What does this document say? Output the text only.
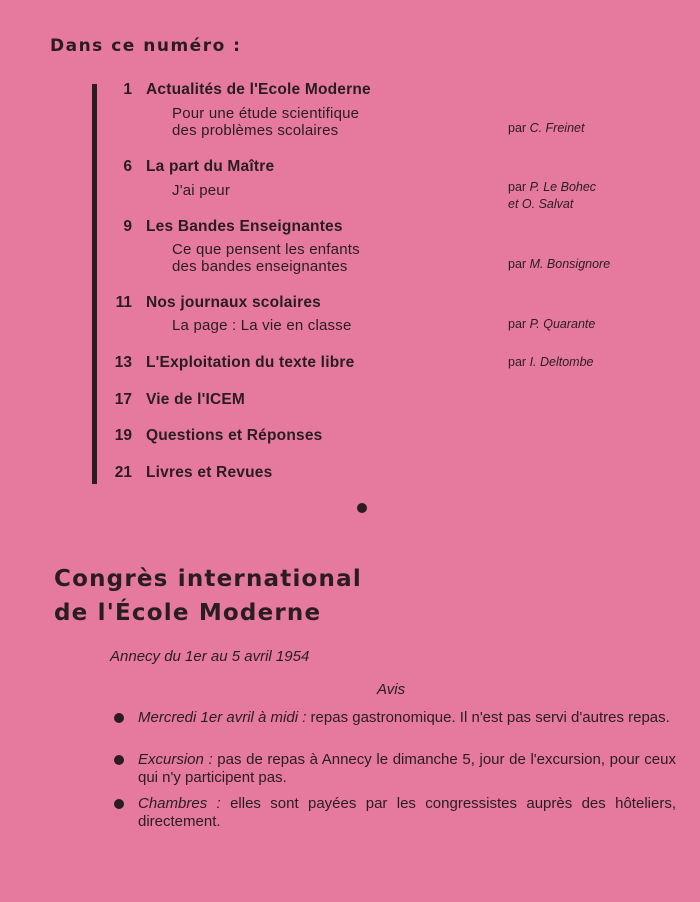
Dans ce numéro :
1 Actualités de l'Ecole Moderne
Pour une étude scientifique
des problèmes scolaires	par C. Freinet
6 La part du Maître
J'ai peur	par P. Le Bohec
et O. Salvat
9 Les Bandes Enseignantes
Ce que pensent les enfants
des bandes enseignantes	par M. Bonsignore
11 Nos journaux scolaires
La page : La vie en classe	par P. Quarante
13 L'Exploitation du texte libre	par I. Deltombe
17 Vie de l'ICEM
19 Questions et Réponses
21 Livres et Revues
Congrès international
de l'École Moderne
Annecy du 1er au 5 avril 1954
Avis
Mercredi 1er avril à midi : repas gastronomique. Il n'est pas servi d'autres repas.
Excursion : pas de repas à Annecy le dimanche 5, jour de l'excursion, pour ceux qui n'y participent pas.
Chambres : elles sont payées par les congressistes auprès des hôteliers, directement.
